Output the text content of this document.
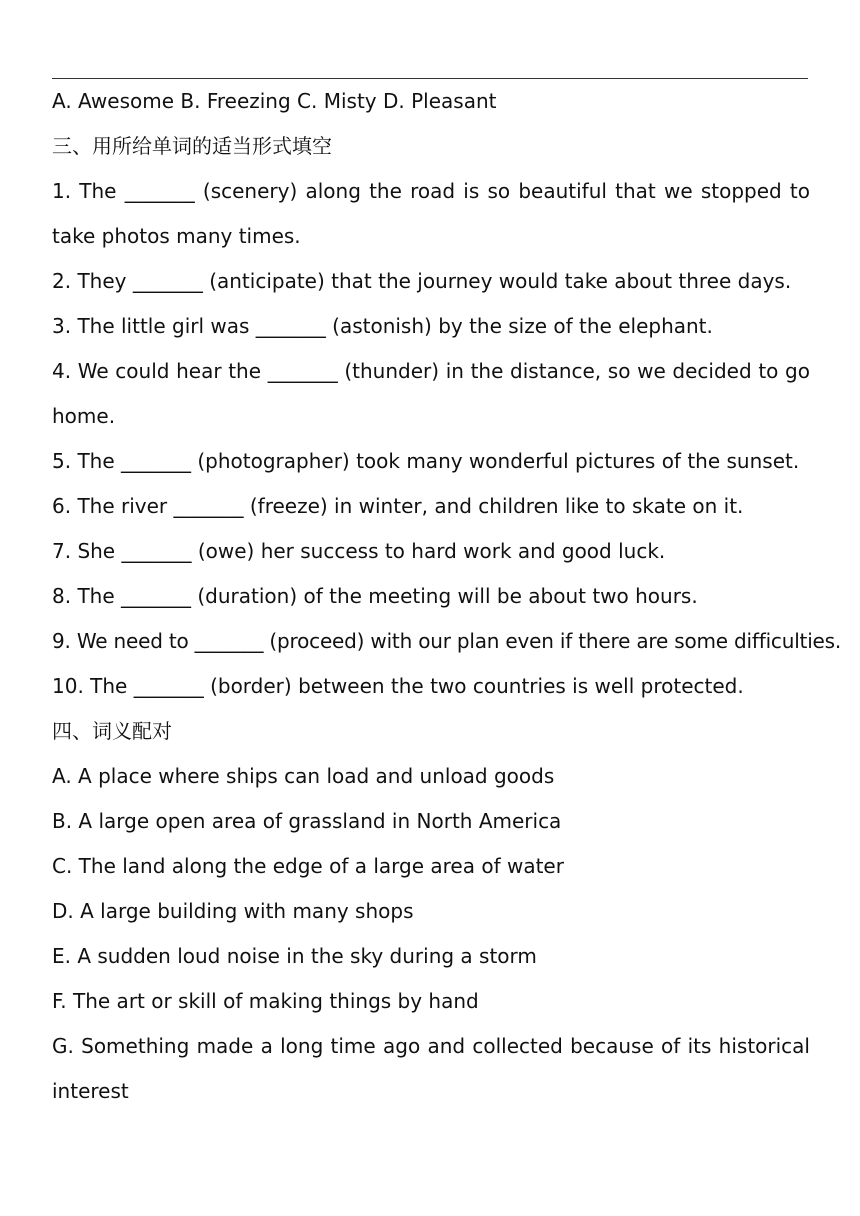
A. Awesome B. Freezing C. Misty D. Pleasant
三、用所给单词的适当形式填空
1. The _______ (scenery) along the road is so beautiful that we stopped to take photos many times.
2. They _______ (anticipate) that the journey would take about three days.
3. The little girl was _______ (astonish) by the size of the elephant.
4. We could hear the _______ (thunder) in the distance, so we decided to go home.
5. The _______ (photographer) took many wonderful pictures of the sunset.
6. The river _______ (freeze) in winter, and children like to skate on it.
7. She _______ (owe) her success to hard work and good luck.
8. The _______ (duration) of the meeting will be about two hours.
9. We need to _______ (proceed) with our plan even if there are some difficulties.
10. The _______ (border) between the two countries is well protected.
四、词义配对
A. A place where ships can load and unload goods
B. A large open area of grassland in North America
C. The land along the edge of a large area of water
D. A large building with many shops
E. A sudden loud noise in the sky during a storm
F. The art or skill of making things by hand
G. Something made a long time ago and collected because of its historical interest
